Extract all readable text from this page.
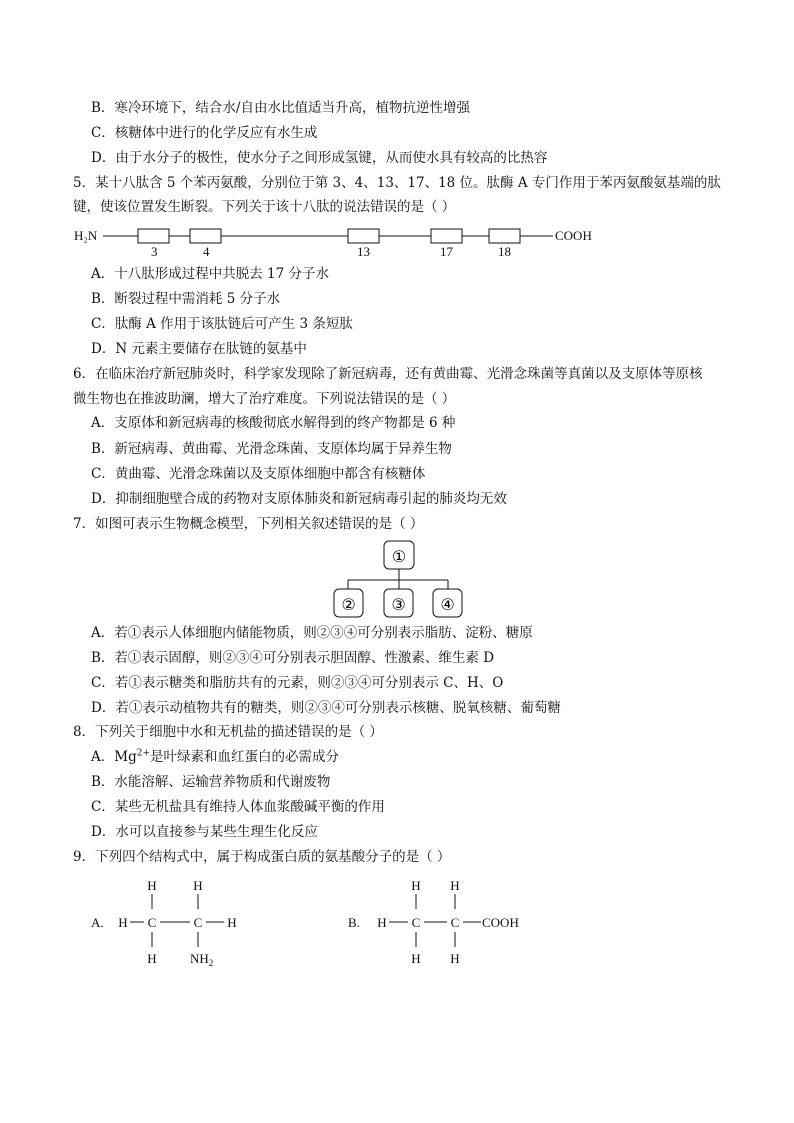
B．寒冷环境下，结合水/自由水比值适当升高，植物抗逆性增强
C．核糖体中进行的化学反应有水生成
D．由于水分子的极性，使水分子之间形成氢键，从而使水具有较高的比热容
5．某十八肽含 5 个苯丙氨酸，分别位于第 3、4、13、17、18 位。肽酶 A 专门作用于苯丙氨酸氨基端的肽
键，使该位置发生断裂。下列关于该十八肽的说法错误的是（ ）
H₂N	COOH
3	4	13	17	18
A．十八肽形成过程中共脱去 17 分子水
B．断裂过程中需消耗 5 分子水
C．肽酶 A 作用于该肽链后可产生 3 条短肽
D．N 元素主要储存在肽链的氨基中
6．在临床治疗新冠肺炎时，科学家发现除了新冠病毒，还有黄曲霉、光滑念珠菌等真菌以及支原体等原核
微生物也在推波助澜，增大了治疗难度。下列说法错误的是（ ）
A．支原体和新冠病毒的核酸彻底水解得到的终产物都是 6 种
B．新冠病毒、黄曲霉、光滑念珠菌、支原体均属于异养生物
C．黄曲霉、光滑念珠菌以及支原体细胞中都含有核糖体
D．抑制细胞壁合成的药物对支原体肺炎和新冠病毒引起的肺炎均无效
7．如图可表示生物概念模型，下列相关叙述错误的是（ ）
①
② ③ ④
A．若①表示人体细胞内储能物质，则②③④可分别表示脂肪、淀粉、糖原
B．若①表示固醇，则②③④可分别表示胆固醇、性激素、维生素 D
C．若①表示糖类和脂肪共有的元素，则②③④可分别表示 C、H、O
D．若①表示动植物共有的糖类，则②③④可分别表示核糖、脱氧核糖、葡萄糖
8．下列关于细胞中水和无机盐的描述错误的是（ ）
A．$Mg^{2+}$是叶绿素和血红蛋白的必需成分
B．水能溶解、运输营养物质和代谢废物
C．某些无机盐具有维持人体血浆酸碱平衡的作用
D．水可以直接参与某些生理生化反应
9．下列四个结构式中，属于构成蛋白质的氨基酸分子的是（ ）
A.
H	H
H C	C H
H	$NH_2$
B.
H H
H C C COOH
H H
